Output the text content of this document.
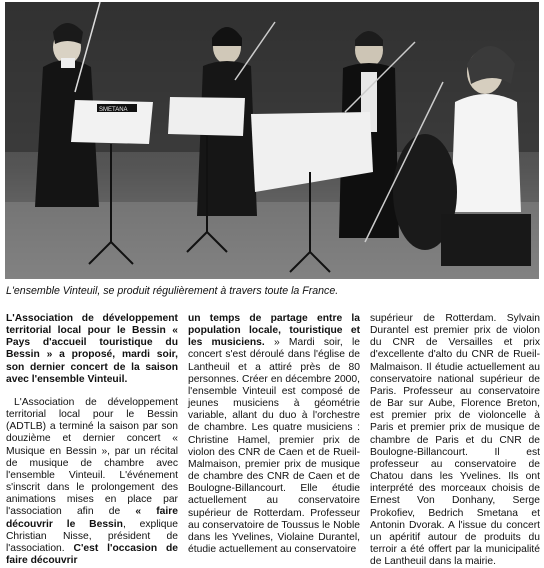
SMETANA
L'ensemble Vinteuil, se produit régulièrement à travers toute la France.
L'Association de développement territorial local pour le Bessin « Pays d'accueil touristique du Bessin » a proposé, mardi soir, son dernier concert de la saison avec l'ensemble Vinteuil.

L'Association de développement territorial local pour le Bessin (ADTLB) a terminé la saison par son douzième et dernier concert « Musique en Bessin », par un récital de musique de chambre avec l'ensemble Vinteuil. L'événement s'inscrit dans le prolongement des animations mises en place par l'association afin de « faire découvrir le Bessin, explique Christian Nisse, président de l'association. C'est l'occasion de faire découvrir

un temps de partage entre la population locale, touristique et les musiciens. » Mardi soir, le concert s'est déroulé dans l'église de Lantheuil et a attiré près de 80 personnes. Créer en décembre 2000, l'ensemble Vinteuil est composé de jeunes musiciens à géométrie variable, allant du duo à l'orchestre de chambre. Les quatre musiciens : Christine Hamel, premier prix de violon des CNR de Caen et de Rueil-Malmaison, premier prix de musique de chambre des CNR de Caen et de Boulogne-Billancourt. Elle étudie actuellement au conservatoire supérieur de Rotterdam. Professeur au conservatoire de Toussus le Noble dans les Yvelines, Violaine Durantel, étudie actuellement au conservatoire

supérieur de Rotterdam. Sylvain Durantel est premier prix de violon du CNR de Versailles et prix d'excellente d'alto du CNR de Rueil-Malmaison. Il étudie actuellement au conservatoire national supérieur de Paris. Professeur au conservatoire de Bar sur Aube, Florence Breton, est premier prix de violoncelle à Paris et premier prix de musique de chambre de Paris et du CNR de Boulogne-Billancourt. Il est professeur au conservatoire de Chatou dans les Yvelines. Ils ont interprété des morceaux choisis de Ernest Von Donhany, Serge Prokofiev, Bedrich Smetana et Antonin Dvorak. A l'issue du concert un apéritif autour de produits du terroir a été offert par la municipalité de Lantheuil dans la mairie.
